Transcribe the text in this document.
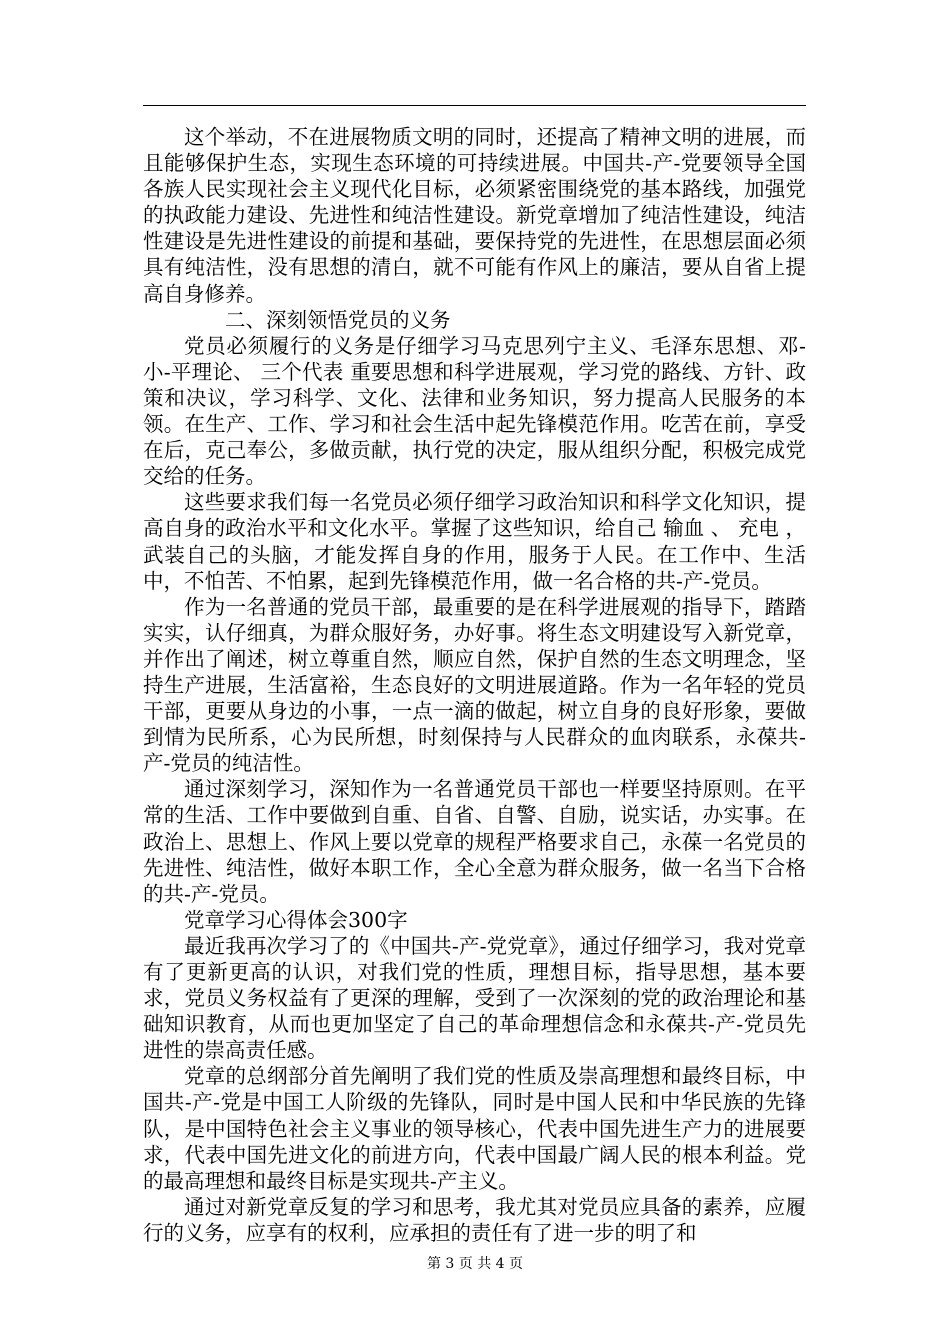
这个举动，不在进展物质文明的同时，还提高了精神文明的进展，而且能够保护生态，实现生态环境的可持续进展。中国共-产-党要领导全国各族人民实现社会主义现代化目标，必须紧密围绕党的基本路线，加强党的执政能力建设、先进性和纯洁性建设。新党章增加了纯洁性建设，纯洁性建设是先进性建设的前提和基础，要保持党的先进性，在思想层面必须具有纯洁性，没有思想的清白，就不可能有作风上的廉洁，要从自省上提高自身修养。

二、深刻领悟党员的义务

党员必须履行的义务是仔细学习马克思列宁主义、毛泽东思想、邓-小-平理论、 三个代表 重要思想和科学进展观，学习党的路线、方针、政策和决议，学习科学、文化、法律和业务知识，努力提高人民服务的本领。在生产、工作、学习和社会生活中起先锋模范作用。吃苦在前，享受在后，克己奉公，多做贡献，执行党的决定，服从组织分配，积极完成党交给的任务。

这些要求我们每一名党员必须仔细学习政治知识和科学文化知识，提高自身的政治水平和文化水平。掌握了这些知识，给自己 输血 、 充电 ，武装自己的头脑，才能发挥自身的作用，服务于人民。在工作中、生活中，不怕苦、不怕累，起到先锋模范作用，做一名合格的共-产-党员。

作为一名普通的党员干部，最重要的是在科学进展观的指导下，踏踏实实，认仔细真，为群众服好务，办好事。将生态文明建设写入新党章，并作出了阐述，树立尊重自然，顺应自然，保护自然的生态文明理念，坚持生产进展，生活富裕，生态良好的文明进展道路。作为一名年轻的党员干部，更要从身边的小事，一点一滴的做起，树立自身的良好形象，要做到情为民所系，心为民所想，时刻保持与人民群众的血肉联系，永葆共-产-党员的纯洁性。

通过深刻学习，深知作为一名普通党员干部也一样要坚持原则。在平常的生活、工作中要做到自重、自省、自警、自励，说实话，办实事。在政治上、思想上、作风上要以党章的规程严格要求自己，永葆一名党员的先进性、纯洁性，做好本职工作，全心全意为群众服务，做一名当下合格的共-产-党员。

党章学习心得体会300字

最近我再次学习了的《中国共-产-党党章》，通过仔细学习，我对党章有了更新更高的认识，对我们党的性质，理想目标，指导思想，基本要求，党员义务权益有了更深的理解，受到了一次深刻的党的政治理论和基础知识教育，从而也更加坚定了自己的革命理想信念和永葆共-产-党员先进性的崇高责任感。

党章的总纲部分首先阐明了我们党的性质及崇高理想和最终目标，中国共-产-党是中国工人阶级的先锋队，同时是中国人民和中华民族的先锋队，是中国特色社会主义事业的领导核心，代表中国先进生产力的进展要求，代表中国先进文化的前进方向，代表中国最广阔人民的根本利益。党的最高理想和最终目标是实现共-产主义。

通过对新党章反复的学习和思考，我尤其对党员应具备的素养，应履行的义务，应享有的权利，应承担的责任有了进一步的明了和

第 3 页 共 4 页
